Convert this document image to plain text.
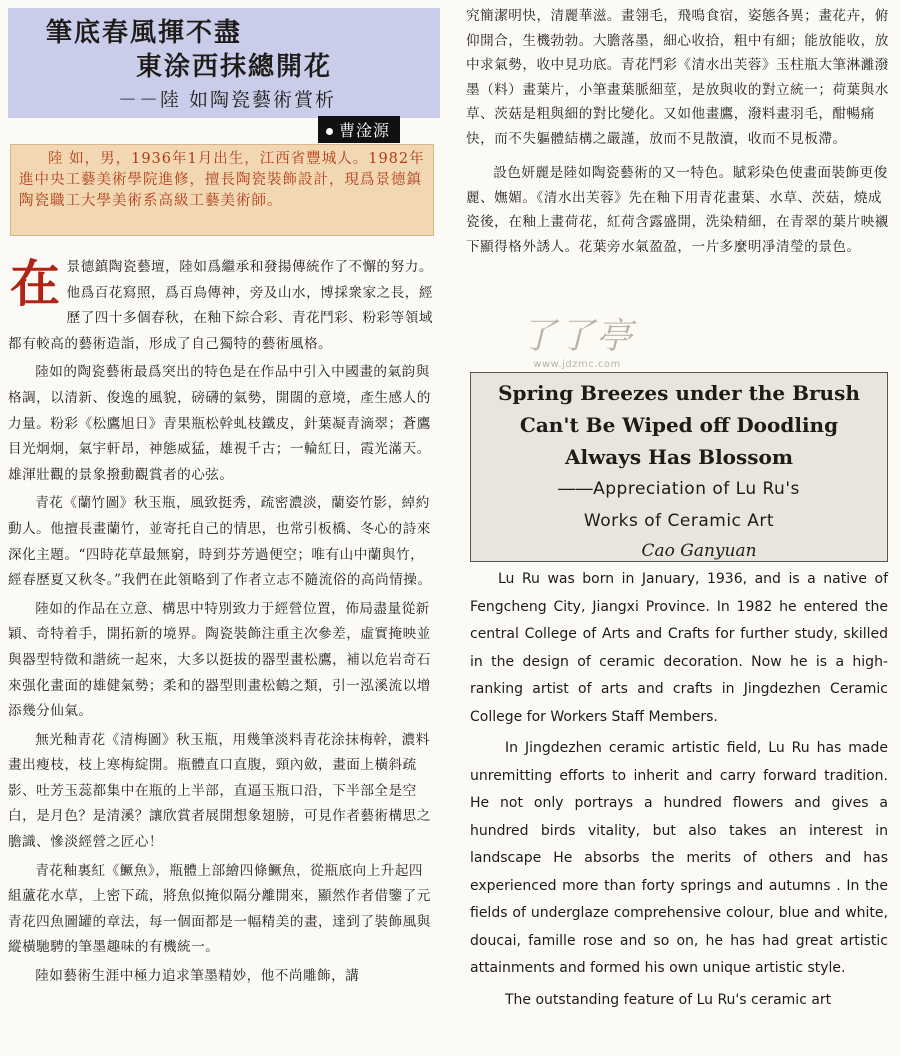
筆底春風揮不盡
東涂西抹總開花
－－陸 如陶瓷藝術賞析
曹淦源
陸 如，男，1936年1月出生，江西省豐城人。1982年進中央工藝美術學院進修，擅長陶瓷裝飾設計，現爲景德鎮陶瓷職工大學美術系高級工藝美術師。

在景德鎮陶瓷藝壇，陸如爲繼承和發揚傳統作了不懈的努力。他爲百花寫照，爲百鳥傳神，旁及山水，博採衆家之長，經歷了四十多個春秋，在釉下綜合彩、青花鬥彩、粉彩等領域都有較高的藝術造詣，形成了自己獨特的藝術風格。

陸如的陶瓷藝術最爲突出的特色是在作品中引入中國畫的氣韵與格調，以清新、俊逸的風貌，磅礴的氣勢，開闊的意境，產生感人的力量。粉彩《松鷹旭日》青果瓶松幹虬枝鐵皮，針葉凝青滴翠；蒼鷹目光炯炯，氣宇軒昂，神態威猛，雄視千古；一輪紅日，霞光滿天。雄渾壯觀的景象撥動觀賞者的心弦。

青花《蘭竹圖》秋玉瓶，風致挺秀，疏密濃淡，蘭姿竹影，綽約動人。他擅長畫蘭竹，並寄托自己的情思，也常引板橋、冬心的詩來深化主題。“四時花草最無窮，時到芬芳過便空；唯有山中蘭與竹，經春歷夏又秋冬。”我們在此領略到了作者立志不隨流俗的高尚情操。

陸如的作品在立意、構思中特別致力于經營位置，佈局盡量從新穎、奇特着手，開拓新的境界。陶瓷裝飾注重主次參差，虛實掩映並與器型特徵和諧統一起來，大多以挺拔的器型畫松鷹，補以危岩奇石來强化畫面的雄健氣勢；柔和的器型則畫松鶴之類，引一泓溪流以增添幾分仙氣。

無光釉青花《清梅圖》秋玉瓶，用幾筆淡料青花涂抹梅幹，濃料畫出瘦枝，枝上寒梅綻開。瓶體直口直腹，頸內斂，畫面上橫斜疏影、吐芳玉蕊都集中在瓶的上半部，直逼玉瓶口沿，下半部全是空白，是月色？是清溪？讓欣賞者展開想象翅膀，可見作者藝術構思之膽識、慘淡經營之匠心！

青花釉裏紅《鱖魚》，瓶體上部繪四條鱖魚，從瓶底向上升起四組蘆花水草，上密下疏，將魚似掩似隔分離開來，顯然作者借鑒了元青花四魚圖罐的章法，每一個面都是一幅精美的畫，達到了裝飾風與縱橫馳騁的筆墨趣味的有機統一。

陸如藝術生涯中極力追求筆墨精妙，他不尚雕飾，講

究簡潔明快，清麗華滋。畫翎毛，飛鳴食宿，姿態各異；畫花卉，俯仰開合，生機勃勃。大膽落墨，細心收拾，粗中有細；能放能收，放中求氣勢，收中見功底。青花鬥彩《清水出芙蓉》玉柱瓶大筆淋灕潑墨（料）畫葉片，小筆畫葉脈細莖，是放與收的對立統一；荷葉與水草、茨菇是粗與細的對比變化。又如他畫鷹，潑料畫羽毛，酣暢痛快，而不失軀體結構之嚴謹，放而不見散瀆，收而不見板滯。

設色妍麗是陸如陶瓷藝術的又一特色。賦彩染色使畫面裝飾更俊麗、嫵媚。《清水出芙蓉》先在釉下用青花畫葉、水草、茨菇，燒成瓷後，在釉上畫荷花，紅荷含露盛開，洗染精細，在青翠的葉片映襯下顯得格外誘人。花葉旁水氣盈盈，一片多麼明凈清瑩的景色。

了了亭
www.jdzmc.com
Spring Breezes under the Brush
Can't Be Wiped off Doodling
Always Has Blossom
――Appreciation of Lu Ru's
Works of Ceramic Art
Cao Ganyuan

Lu Ru was born in January, 1936, and is a native of Fengcheng City, Jiangxi Province. In 1982 he entered the central College of Arts and Crafts for further study, skilled in the design of ceramic decoration. Now he is a high-ranking artist of arts and crafts in Jingdezhen Ceramic College for Workers Staff Members.

In Jingdezhen ceramic artistic field, Lu Ru has made unremitting efforts to inherit and carry forward tradition. He not only portrays a hundred flowers and gives a hundred birds vitality, but also takes an interest in landscape He absorbs the merits of others and has experienced more than forty springs and autumns . In the fields of underglaze comprehensive colour, blue and white, doucai, famille rose and so on, he has had great artistic attainments and formed his own unique artistic style.

The outstanding feature of Lu Ru's ceramic art
